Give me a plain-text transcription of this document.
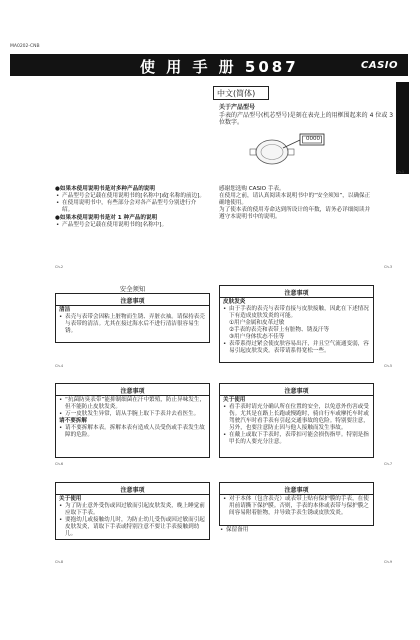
MA0202-CNB
使 用 手 册 5087	CASIO
中文(简体)
关于产品型号
手表的产品型号(机芯型号)是刻在表壳上的用框围起来的 4 位或 3 位数字。
0000
Ch-1
●如果本使用说明书是对多种产品的说明
• 产品型号会记载在使用说明书的[名称中]或[名称的前边]。
• 在使用说明书中，有些部分会对各产品型号分别进行介绍。
●如果本使用说明书是对 1 种产品的说明
• 产品型号会记载在使用说明书的[名称中]。
感谢您选购 CASIO 手表。
在使用之前，请认真阅读本说明书中的“安全须知”，以确保正确地使用。
为了使本表的使用寿命达到所设计的年数，请务必详细阅读并遵守本说明书中的说明。
Ch-2	Ch-3
安全须知
注意事项
清洁
• 表壳与表带会因粘上脏物而生锈、弄脏衣袖。请保持表壳与表带的清洁。尤其在接过海水后不进行清洁很容易生锈。
注意事项
皮肤发炎
• 由于手表的表壳与表带直接与皮肤接触，因此在下述情况下有造成皮肤发炎的可能。
①用户金属和皮革过敏
②手表的表壳和表带上有脏物、锈及汗等
③用户身体状态不佳等
• 表带系得过紧会使皮肤容易出汗，并且空气流通变弱，容易引起皮肤发炎。表带请系得宽松一些。
Ch-4	Ch-5
注意事项
• “抗菌防臭表带”能抑制细菌在汗中繁殖，防止异味发生，但不能防止皮肤发炎。
• 万一皮肤发生异常，请从手腕上取下手表并去看医生。
请不要拆解
• 请不要拆解本表。拆解本表有造成人员受伤或手表发生故障的危险。
注意事项
关于使用
• 看手表时请充分确认所在位置的安全，以免意外伤害或受伤。尤其是在路上长跑或慢跑时，骑自行车或摩托车时或驾驶汽车时看手表有引起交通事故的危险。特别要注意，另外，也要注意防止因与他人接触而发生事故。
• 在戴上或取下手表时，表带扣可能会损伤指甲。特别是指甲长的人要充分注意。
Ch-6	Ch-7
注意事项
关于使用
• 为了防止意外受伤或因过敏而引起皮肤发炎，晚上睡觉前应取下手表。
• 要抱幼儿或接触幼儿时，为防止幼儿受伤或因过敏而引起皮肤发炎，请取下手表或特别注意不要让手表接触到幼儿。
注意事项
• 对于本体（包含表壳）或表带上贴有保护膜的手表，在使用前请撕下保护膜。否则，手表的本体或表带与保护膜之间容易附着脏物，并导致手表生锈或皮肤发炎。
• 保留备用
Ch-8	Ch-9
